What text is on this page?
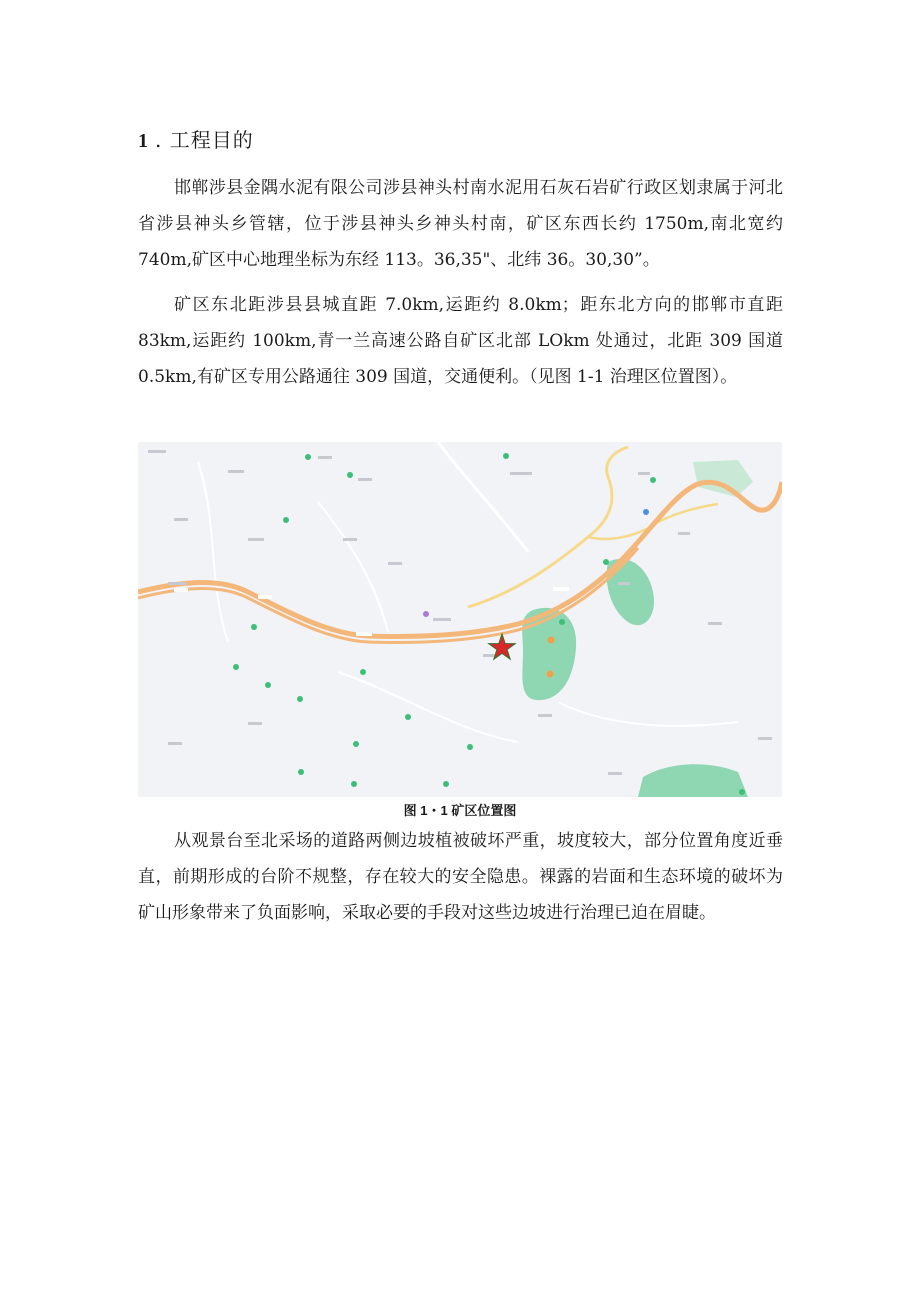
1 . 工程目的

邯郸涉县金隅水泥有限公司涉县神头村南水泥用石灰石岩矿行政区划隶属于河北省涉县神头乡管辖，位于涉县神头乡神头村南，矿区东西长约 1750m,南北宽约 740m,矿区中心地理坐标为东经 113。36,35"、北纬 36。30,30”。

矿区东北距涉县县城直距 7.0km,运距约 8.0km；距东北方向的邯郸市直距 83km,运距约 100km,青一兰高速公路自矿区北部 LOkm 处通过，北距 309 国道 0.5km,有矿区专用公路通往 309 国道，交通便利。（见图 1-1 治理区位置图）。

图 1・1 矿区位置图

从观景台至北采场的道路两侧边坡植被破坏严重，坡度较大，部分位置角度近垂直，前期形成的台阶不规整，存在较大的安全隐患。裸露的岩面和生态环境的破坏为矿山形象带来了负面影响，采取必要的手段对这些边坡进行治理已迫在眉睫。
